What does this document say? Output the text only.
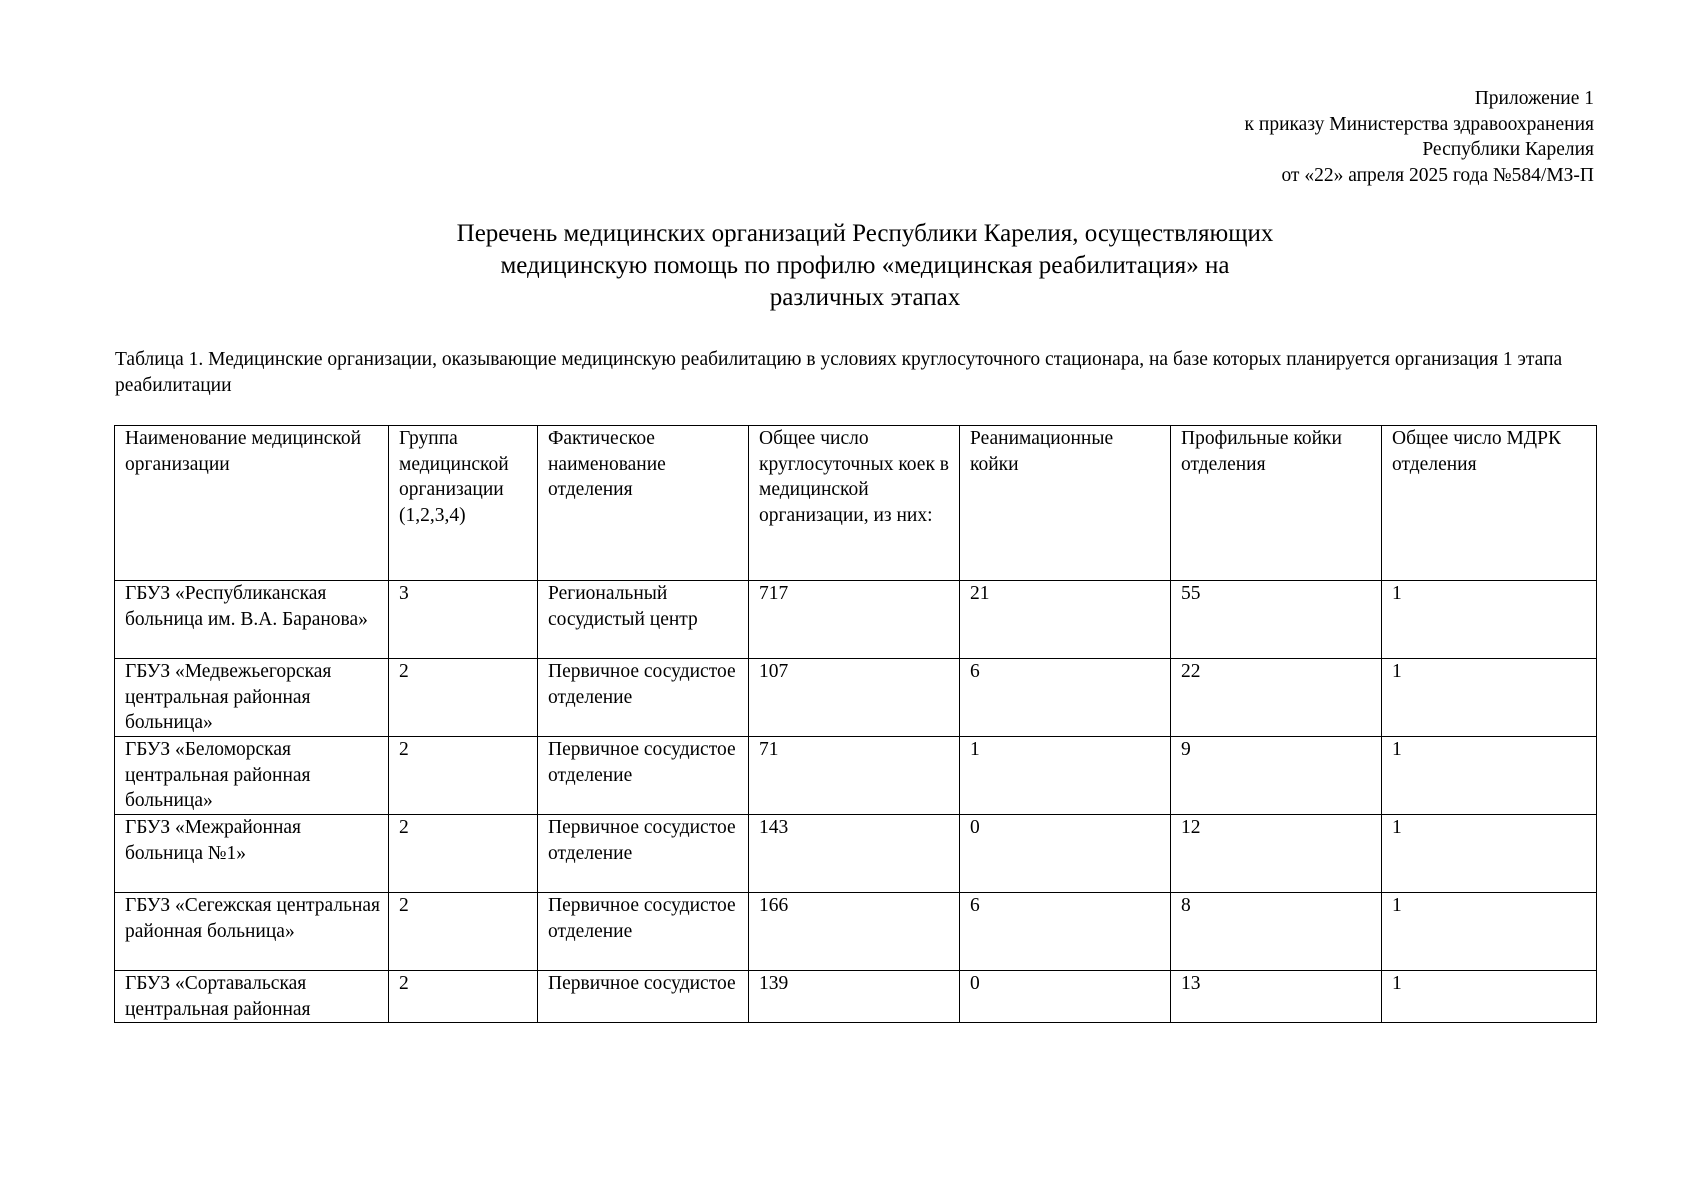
Приложение 1
к приказу Министерства здравоохранения
Республики Карелия
от «22» апреля 2025 года №584/МЗ-П
Перечень медицинских организаций Республики Карелия, осуществляющих
медицинскую помощь по профилю «медицинская реабилитация» на
различных этапах
Таблица 1. Медицинские организации, оказывающие медицинскую реабилитацию в условиях круглосуточного стационара, на базе которых планируется организация 1 этапа реабилитации
Наименование медицинской организации	Группа медицинской организации (1,2,3,4)	Фактическое наименование отделения	Общее число круглосуточных коек в медицинской организации, из них:	Реанимационные койки	Профильные койки отделения	Общее число МДРК отделения
ГБУЗ «Республиканская больница им. В.А. Баранова»	3	Региональный сосудистый центр	717	21	55	1
ГБУЗ «Медвежьегорская центральная районная больница»	2	Первичное сосудистое отделение	107	6	22	1
ГБУЗ «Беломорская центральная районная больница»	2	Первичное сосудистое отделение	71	1	9	1
ГБУЗ «Межрайонная больница №1»	2	Первичное сосудистое отделение	143	0	12	1
ГБУЗ «Сегежская центральная районная больница»	2	Первичное сосудистое отделение	166	6	8	1

ГБУЗ «Сортавальская центральная районная	2	Первичное сосудистое	139	0	13	1
